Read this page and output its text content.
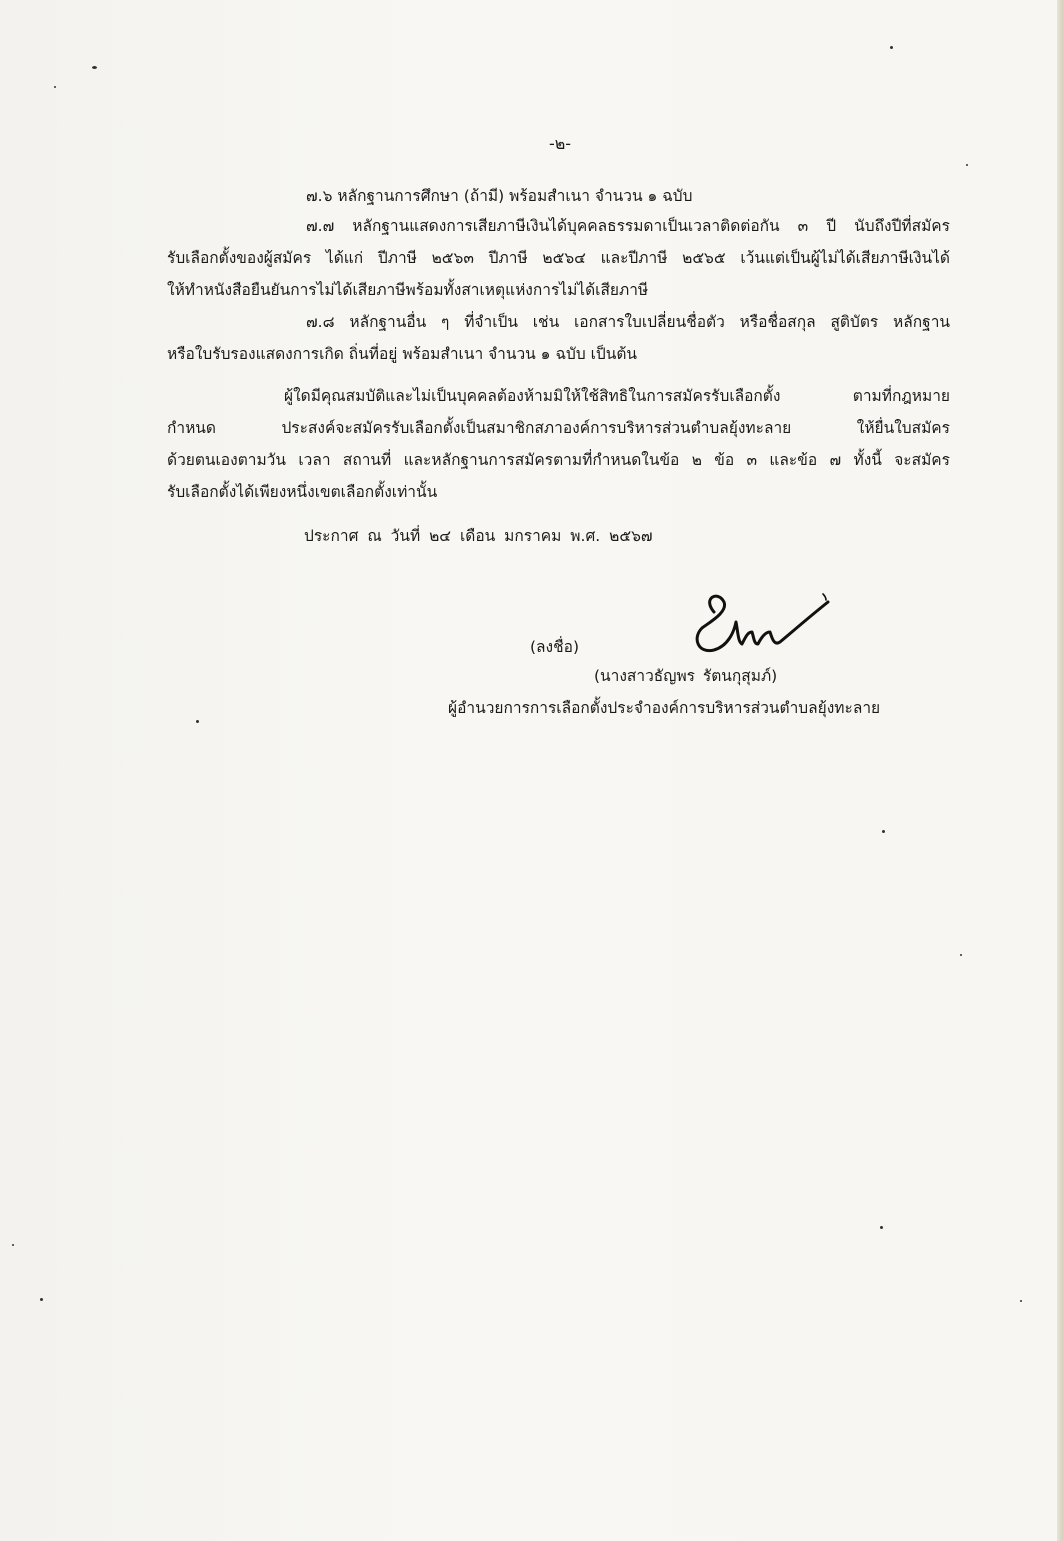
-๒-

๗.๖ หลักฐานการศึกษา (ถ้ามี) พร้อมสำเนา จำนวน ๑ ฉบับ

๗.๗ หลักฐานแสดงการเสียภาษีเงินได้บุคคลธรรมดาเป็นเวลาติดต่อกัน ๓ ปี นับถึงปีที่สมัคร

รับเลือกตั้งของผู้สมัคร ได้แก่ ปีภาษี ๒๕๖๓ ปีภาษี ๒๕๖๔ และปีภาษี ๒๕๖๕ เว้นแต่เป็นผู้ไม่ได้เสียภาษีเงินได้

ให้ทำหนังสือยืนยันการไม่ได้เสียภาษีพร้อมทั้งสาเหตุแห่งการไม่ได้เสียภาษี

๗.๘ หลักฐานอื่น ๆ ที่จำเป็น เช่น เอกสารใบเปลี่ยนชื่อตัว หรือชื่อสกุล สูติบัตร หลักฐาน

หรือใบรับรองแสดงการเกิด ถิ่นที่อยู่ พร้อมสำเนา จำนวน ๑ ฉบับ เป็นต้น

ผู้ใดมีคุณสมบัติและไม่เป็นบุคคลต้องห้ามมิให้ใช้สิทธิในการสมัครรับเลือกตั้ง ตามที่กฎหมาย

กำหนด ประสงค์จะสมัครรับเลือกตั้งเป็นสมาชิกสภาองค์การบริหารส่วนตำบลยุ้งทะลาย ให้ยื่นใบสมัคร

ด้วยตนเองตามวัน เวลา สถานที่ และหลักฐานการสมัครตามที่กำหนดในข้อ ๒ ข้อ ๓ และข้อ ๗ ทั้งนี้ จะสมัคร

รับเลือกตั้งได้เพียงหนึ่งเขตเลือกตั้งเท่านั้น

ประกาศ ณ วันที่ ๒๔ เดือน มกราคม พ.ศ. ๒๕๖๗

(ลงชื่อ)

(นางสาวธัญพร รัตนกุสุมภ์)

ผู้อำนวยการการเลือกตั้งประจำองค์การบริหารส่วนตำบลยุ้งทะลาย
